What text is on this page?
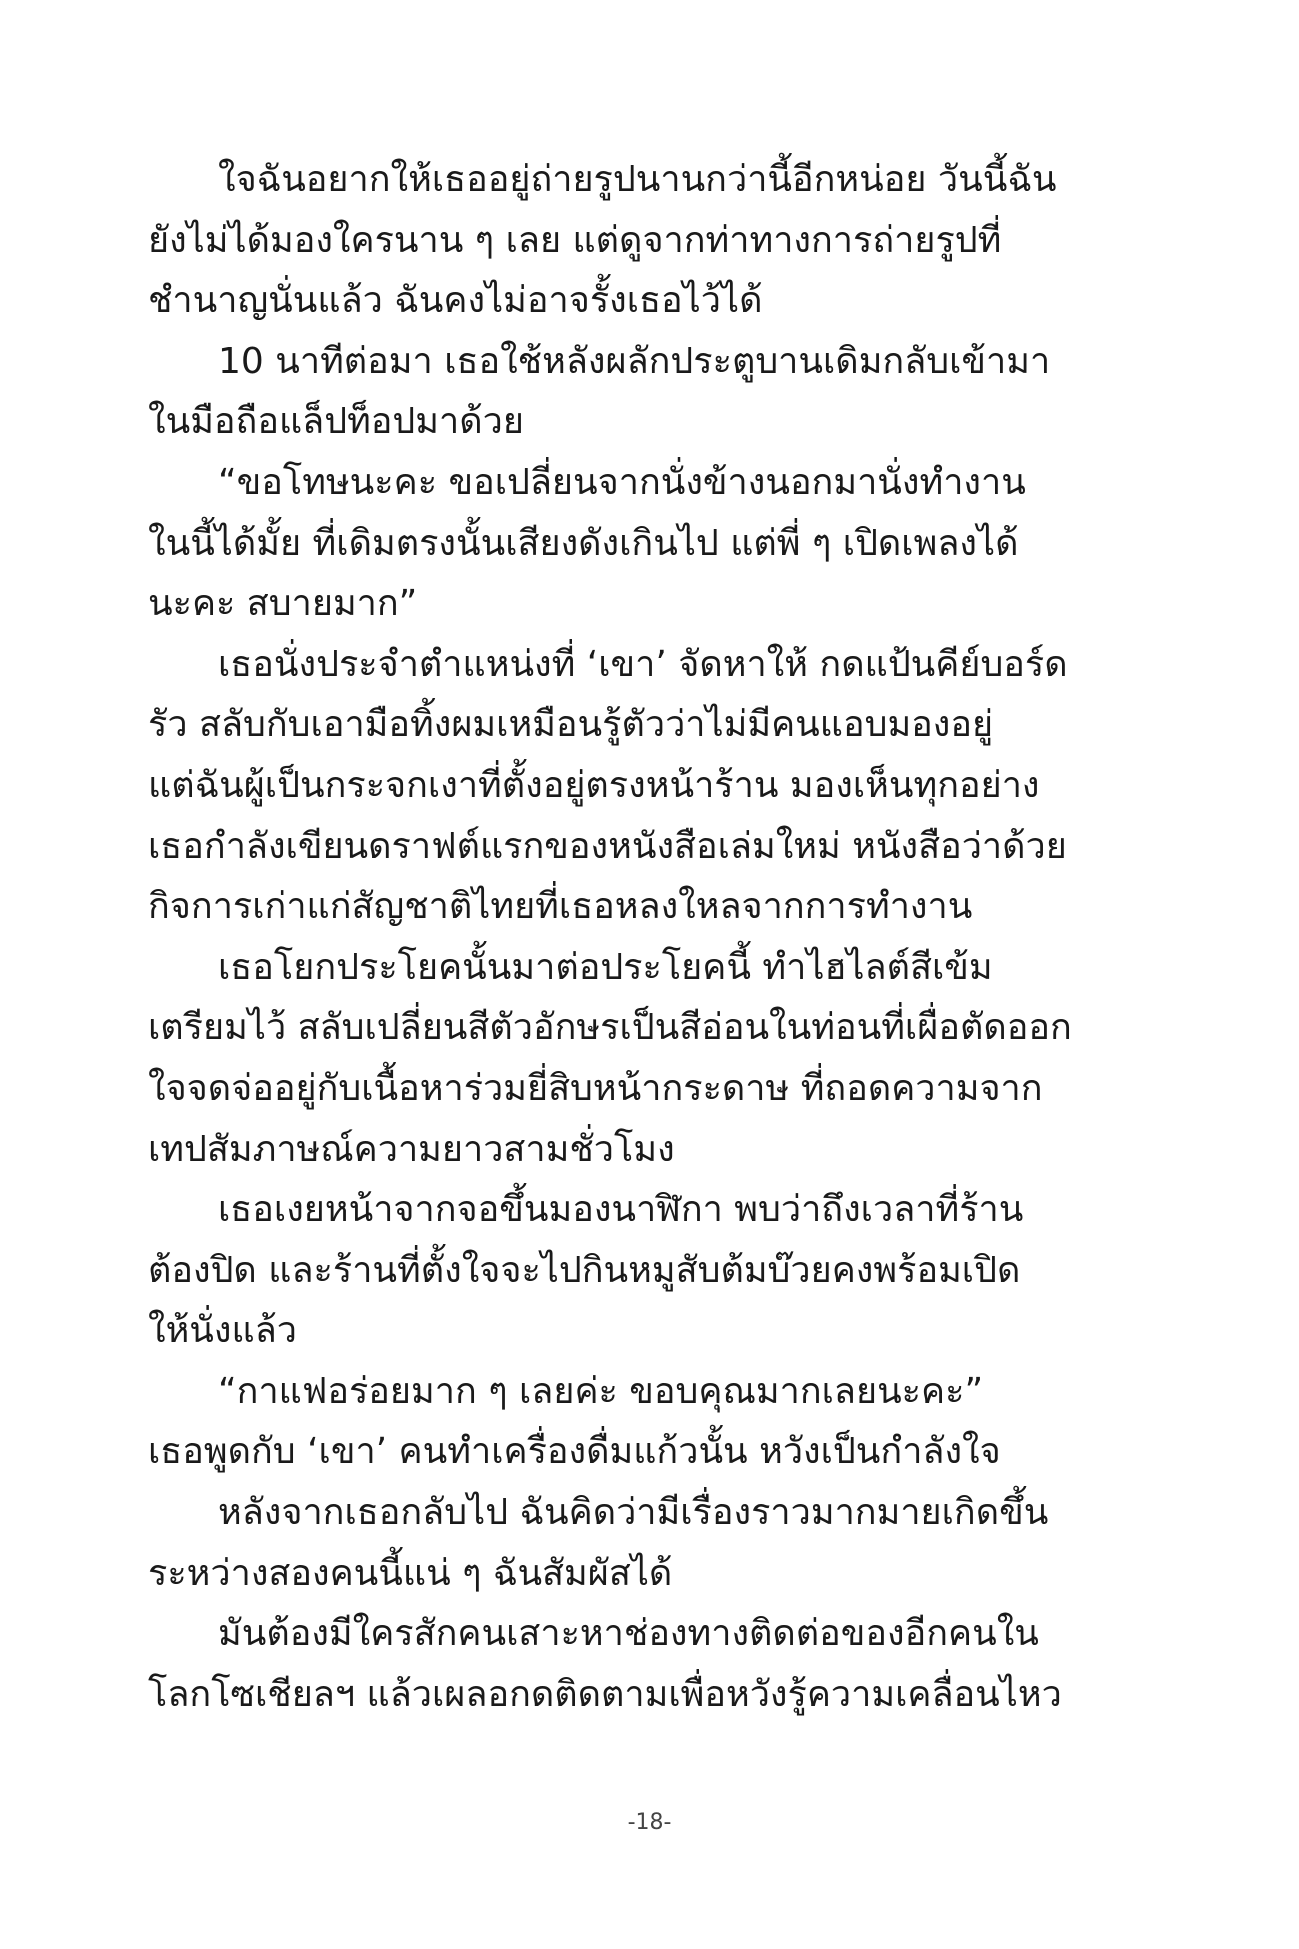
ใจฉันอยากให้เธออยู่ถ่ายรูปนานกว่านี้อีกหน่อย วันนี้ฉัน
ยังไม่ได้มองใครนาน ๆ เลย แต่ดูจากท่าทางการถ่ายรูปที่
ชำนาญนั่นแล้ว ฉันคงไม่อาจรั้งเธอไว้ได้

10 นาทีต่อมา เธอใช้หลังผลักประตูบานเดิมกลับเข้ามา
ในมือถือแล็ปท็อปมาด้วย

“ขอโทษนะคะ ขอเปลี่ยนจากนั่งข้างนอกมานั่งทำงาน
ในนี้ได้มั้ย ที่เดิมตรงนั้นเสียงดังเกินไป แต่พี่ ๆ เปิดเพลงได้
นะคะ สบายมาก”

เธอนั่งประจำตำแหน่งที่ ‘เขา’ จัดหาให้ กดแป้นคีย์บอร์ด
รัว สลับกับเอามือทิ้งผมเหมือนรู้ตัวว่าไม่มีคนแอบมองอยู่
แต่ฉันผู้เป็นกระจกเงาที่ตั้งอยู่ตรงหน้าร้าน มองเห็นทุกอย่าง
เธอกำลังเขียนดราฟต์แรกของหนังสือเล่มใหม่ หนังสือว่าด้วย
กิจการเก่าแก่สัญชาติไทยที่เธอหลงใหลจากการทำงาน

เธอโยกประโยคนั้นมาต่อประโยคนี้ ทำไฮไลต์สีเข้ม
เตรียมไว้ สลับเปลี่ยนสีตัวอักษรเป็นสีอ่อนในท่อนที่เผื่อตัดออก
ใจจดจ่ออยู่กับเนื้อหาร่วมยี่สิบหน้ากระดาษ ที่ถอดความจาก
เทปสัมภาษณ์ความยาวสามชั่วโมง

เธอเงยหน้าจากจอขึ้นมองนาฬิกา พบว่าถึงเวลาที่ร้าน
ต้องปิด และร้านที่ตั้งใจจะไปกินหมูสับต้มบ๊วยคงพร้อมเปิด
ให้นั่งแล้ว

“กาแฟอร่อยมาก ๆ เลยค่ะ ขอบคุณมากเลยนะคะ”
เธอพูดกับ ‘เขา’ คนทำเครื่องดื่มแก้วนั้น หวังเป็นกำลังใจ

หลังจากเธอกลับไป ฉันคิดว่ามีเรื่องราวมากมายเกิดขึ้น
ระหว่างสองคนนี้แน่ ๆ ฉันสัมผัสได้

มันต้องมีใครสักคนเสาะหาช่องทางติดต่อของอีกคนใน
โลกโซเชียลฯ แล้วเผลอกดติดตามเพื่อหวังรู้ความเคลื่อนไหว

-18-
